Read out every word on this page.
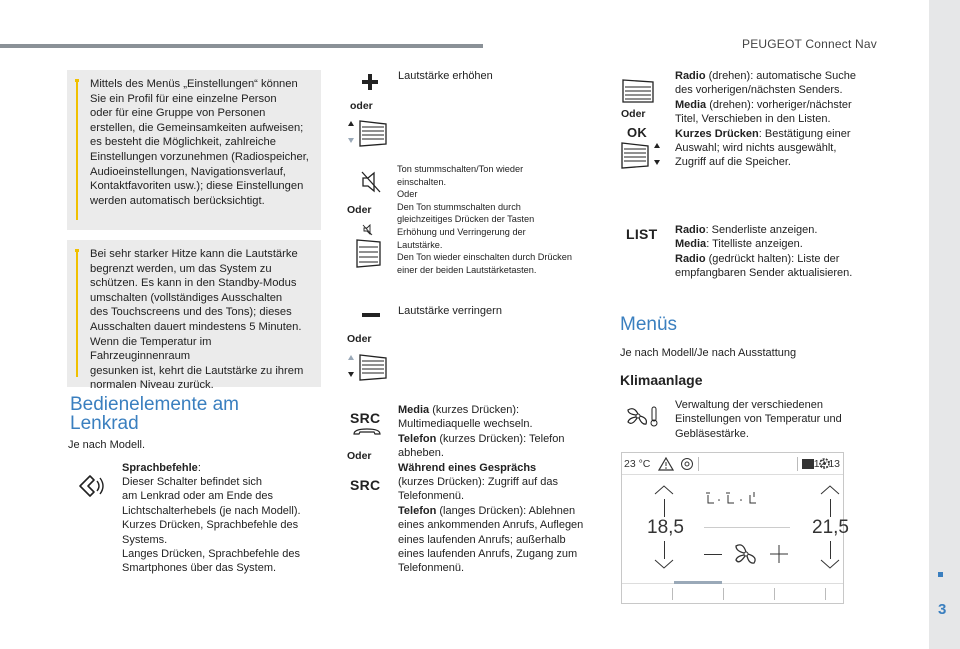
PEUGEOT Connect Nav
3

Mittels des Menüs „Einstellungen“ können
Sie ein Profil für eine einzelne Person
oder für eine Gruppe von Personen
erstellen, die Gemeinsamkeiten aufweisen;
es besteht die Möglichkeit, zahlreiche
Einstellungen vorzunehmen (Radiospeicher,
Audioeinstellungen, Navigationsverlauf,
Kontaktfavoriten usw.); diese Einstellungen
werden automatisch berücksichtigt.

Bei sehr starker Hitze kann die Lautstärke
begrenzt werden, um das System zu
schützen. Es kann in den Standby-Modus
umschalten (vollständiges Ausschalten
des Touchscreens und des Tons); dieses
Ausschalten dauert mindestens 5 Minuten.
Wenn die Temperatur im Fahrzeuginnenraum
gesunken ist, kehrt die Lautstärke zu ihrem
normalen Niveau zurück.

Bedienelemente am
Lenkrad
Je nach Modell.
Sprachbefehle:
Dieser Schalter befindet sich
am Lenkrad oder am Ende des
Lichtschalterhebels (je nach Modell).
Kurzes Drücken, Sprachbefehle des
Systems.
Langes Drücken, Sprachbefehle des
Smartphones über das System.
oder
Lautstärke erhöhen
Oder
Ton stummschalten/Ton wieder
einschalten.
Oder
Den Ton stummschalten durch
gleichzeitiges Drücken der Tasten
Erhöhung und Verringerung der
Lautstärke.
Den Ton wieder einschalten durch Drücken
einer der beiden Lautstärketasten.
Oder
Lautstärke verringern
SRC
Oder
SRC
Media (kurzes Drücken):
Multimediaquelle wechseln.
Telefon (kurzes Drücken): Telefon
abheben.
Während eines Gesprächs
(kurzes Drücken): Zugriff auf das
Telefonmenü.
Telefon (langes Drücken): Ablehnen
eines ankommenden Anrufs, Auflegen
eines laufenden Anrufs; außerhalb
eines laufenden Anrufs, Zugang zum
Telefonmenü.
Oder
OK
Radio (drehen): automatische Suche
des vorherigen/nächsten Senders.
Media (drehen): vorheriger/nächster
Titel, Verschieben in den Listen.
Kurzes Drücken: Bestätigung einer
Auswahl; wird nichts ausgewählt,
Zugriff auf die Speicher.
LIST Radio: Senderliste anzeigen.
Media: Titelliste anzeigen.
Radio (gedrückt halten): Liste der
empfangbaren Sender aktualisieren.
Menüs
Je nach Modell/Je nach Ausstattung
Klimaanlage
Verwaltung der verschiedenen
Einstellungen von Temperatur und
Gebläsestärke.
23 °C	12:13
18,5	21,5
